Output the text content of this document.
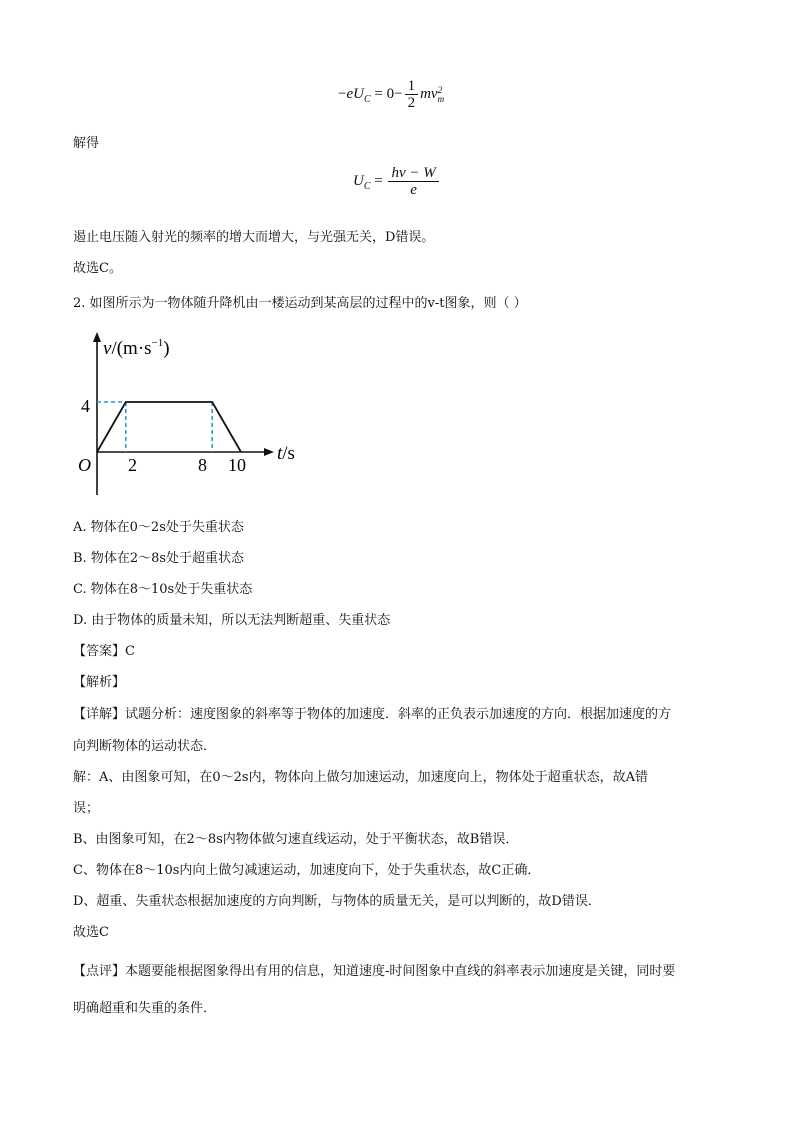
$-eU_C = 0- \frac{1}{2}$ mv 2
m
解得
$U_C = \frac{h\nu - W}{e}$
遏止电压随入射光的频率的增大而增大，与光强无关，D错误。
故选C。
2. 如图所示为一物体随升降机由一楼运动到某高层的过程中的v-t图象，则（ ）
$v/(m\cdot s^{-1})$
t/s
O
4
2	8 10
A. 物体在0～2s处于失重状态
B. 物体在2～8s处于超重状态
C. 物体在8～10s处于失重状态
D. 由于物体的质量未知，所以无法判断超重、失重状态
【答案】C
【解析】
【详解】试题分析：速度图象的斜率等于物体的加速度．斜率的正负表示加速度的方向．根据加速度的方
向判断物体的运动状态．
解：A、由图象可知，在0～2s内，物体向上做匀加速运动，加速度向上，物体处于超重状态，故A错
误；
B、由图象可知，在2～8s内物体做匀速直线运动，处于平衡状态，故B错误．
C、物体在8～10s内向上做匀减速运动，加速度向下，处于失重状态，故C正确．
D、超重、失重状态根据加速度的方向判断，与物体的质量无关，是可以判断的，故D错误．
故选C
【点评】本题要能根据图象得出有用的信息，知道速度-时间图象中直线的斜率表示加速度是关键，同时要
明确超重和失重的条件．
